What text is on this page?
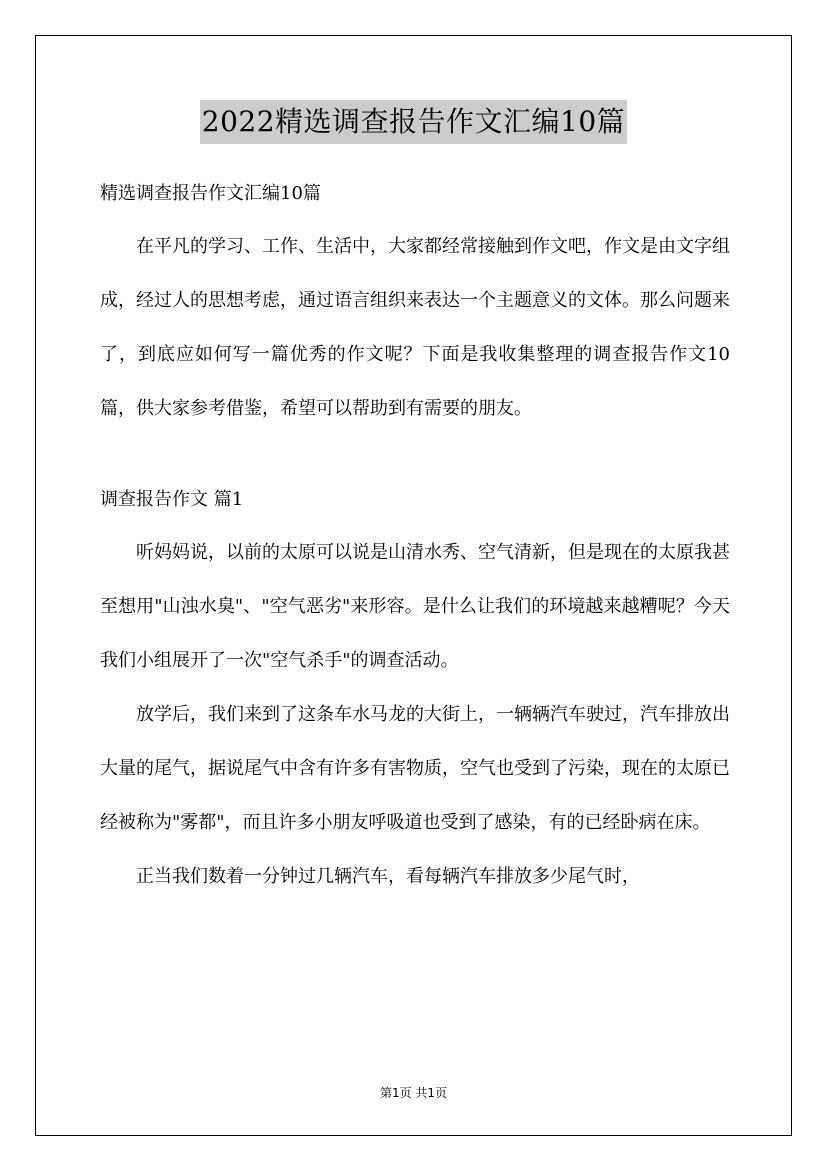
2022精选调查报告作文汇编10篇

精选调查报告作文汇编10篇

在平凡的学习、工作、生活中，大家都经常接触到作文吧，作文是由文字组成，经过人的思想考虑，通过语言组织来表达一个主题意义的文体。那么问题来了，到底应如何写一篇优秀的作文呢？下面是我收集整理的调查报告作文10篇，供大家参考借鉴，希望可以帮助到有需要的朋友。

调查报告作文 篇1

听妈妈说，以前的太原可以说是山清水秀、空气清新，但是现在的太原我甚至想用"山浊水臭"、"空气恶劣"来形容。是什么让我们的环境越来越糟呢？今天我们小组展开了一次"空气杀手"的调查活动。

放学后，我们来到了这条车水马龙的大街上，一辆辆汽车驶过，汽车排放出大量的尾气，据说尾气中含有许多有害物质，空气也受到了污染，现在的太原已经被称为"雾都"，而且许多小朋友呼吸道也受到了感染，有的已经卧病在床。

正当我们数着一分钟过几辆汽车，看每辆汽车排放多少尾气时，

第1页 共1页
